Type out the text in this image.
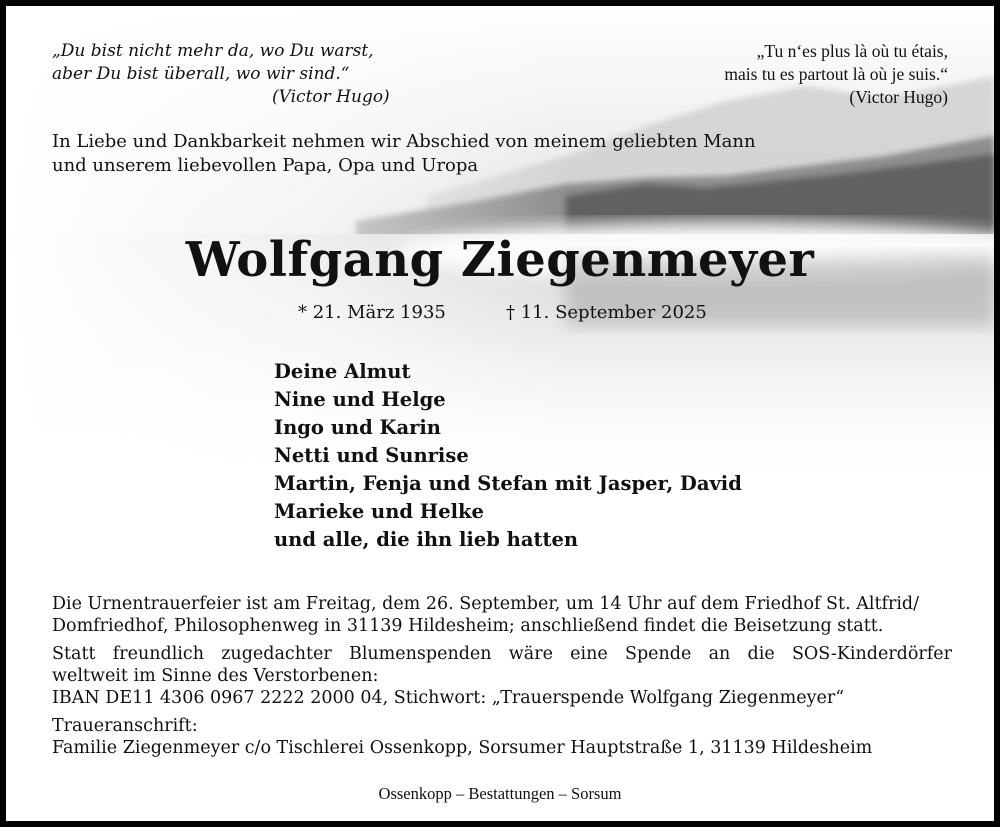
„Du bist nicht mehr da, wo Du warst,
aber Du bist überall, wo wir sind.“
(Victor Hugo)
„Tu n‘es plus là où tu étais,
mais tu es partout là où je suis.“
(Victor Hugo)
In Liebe und Dankbarkeit nehmen wir Abschied von meinem geliebten Mann
und unserem liebevollen Papa, Opa und Uropa
Wolfgang Ziegenmeyer
* 21. März 1935	† 11. September 2025
Deine Almut
Nine und Helge
Ingo und Karin
Netti und Sunrise
Martin, Fenja und Stefan mit Jasper, David
Marieke und Helke
und alle, die ihn lieb hatten

Die Urnentrauerfeier ist am Freitag, dem 26. September, um 14 Uhr auf dem Friedhof St. Altfrid/
Domfriedhof, Philosophenweg in 31139 Hildesheim; anschließend findet die Beisetzung statt.

Statt freundlich zugedachter Blumenspenden wäre eine Spende an die SOS-Kinderdörfer
weltweit im Sinne des Verstorbenen:
IBAN DE11 4306 0967 2222 2000 04, Stichwort: „Trauerspende Wolfgang Ziegenmeyer“

Traueranschrift:
Familie Ziegenmeyer c/o Tischlerei Ossenkopp, Sorsumer Hauptstraße 1, 31139 Hildesheim

Ossenkopp – Bestattungen – Sorsum
